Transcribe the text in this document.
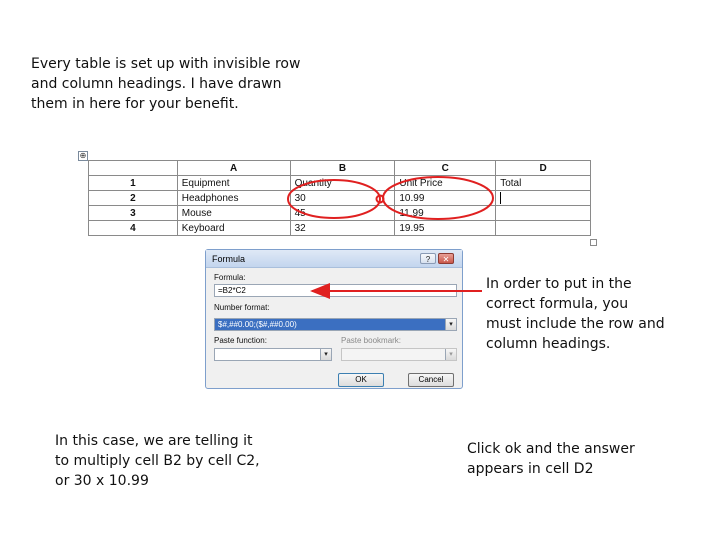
Every table is set up with invisible row
and column headings. I have drawn
them in here for your benefit.
⊕
	A	B	C	D
1	Equipment	Quantity	Unit Price	Total
2	Headphones	30	10.99	
3	Mouse	45	11.99	
4	Keyboard	32	19.95	
Formula	?	✕
Formula:
=B2*C2
Number format:
$#,##0.00;($#,##0.00)	▾
Paste function:
▾
Paste bookmark:
▾
OK	Cancel
In order to put in the
correct formula, you
must include the row and
column headings.
In this case, we are telling it
to multiply cell B2 by cell C2,
or 30 x 10.99
Click ok and the answer
appears in cell D2
